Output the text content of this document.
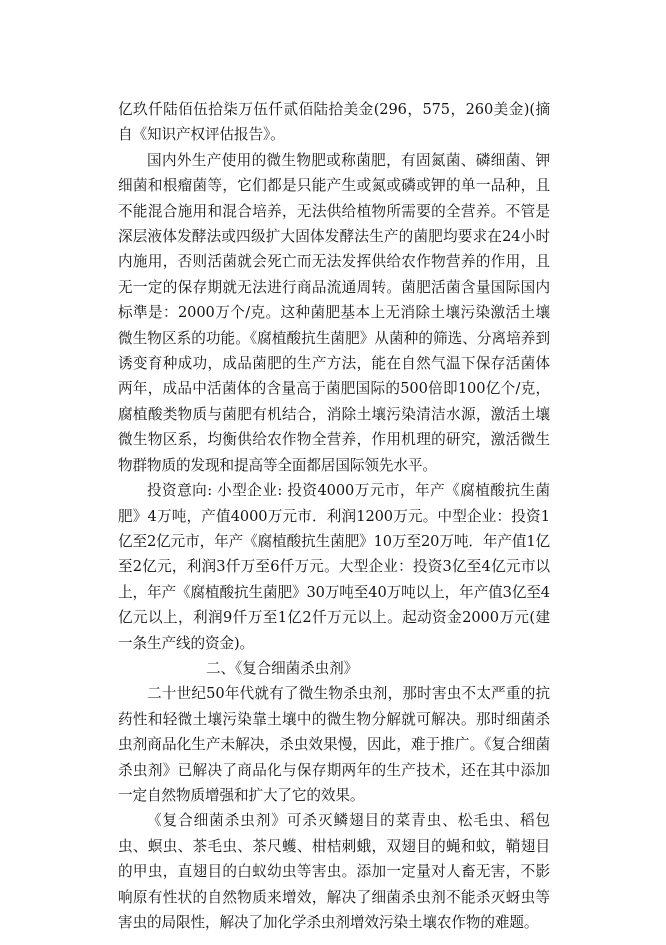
亿玖仟陆佰伍拾柒万伍仟贰佰陆拾美金(296，575，260美金)(摘自《知识产权评估报告》。

国内外生产使用的微生物肥或称菌肥，有固氮菌、磷细菌、钾细菌和根瘤菌等，它们都是只能产生或氮或磷或钾的单一品种，且不能混合施用和混合培养，无法供给植物所需要的全营养。不管是深层液体发酵法或四级扩大固体发酵法生产的菌肥均要求在24小时内施用，否则活菌就会死亡而无法发挥供给农作物营养的作用，且无一定的保存期就无法进行商品流通周转。菌肥活菌含量国际国内标準是：2000万个/克。这种菌肥基本上无消除土壤污染激活土壤微生物区系的功能。《腐植酸抗生菌肥》从菌种的筛选、分离培养到诱变育种成功，成品菌肥的生产方法，能在自然气温下保存活菌体两年，成品中活菌体的含量高于菌肥国际的500倍即100亿个/克，腐植酸类物质与菌肥有机结合，消除土壤污染清洁水源，激活土壤微生物区系，均衡供给农作物全营养，作用机理的研究，激活微生物群物质的发现和提高等全面都居国际领先水平。

投资意向: 小型企业: 投资4000万元市，年产《腐植酸抗生菌肥》4万吨，产值4000万元市．利润1200万元。中型企业：投资1亿至2亿元市，年产《腐植酸抗生菌肥》10万至20万吨．年产值1亿至2亿元，利润3仟万至6仟万元。大型企业：投资3亿至4亿元市以上，年产《腐植酸抗生菌肥》30万吨至40万吨以上，年产值3亿至4亿元以上，利润9仟万至1亿2仟万元以上。起动资金2000万元(建一条生产线的资金)。

二、《复合细菌杀虫剂》

二十世纪50年代就有了微生物杀虫剂，那时害虫不太严重的抗药性和轻微土壤污染靠土壤中的微生物分解就可解决。那时细菌杀虫剂商品化生产未解决，杀虫效果慢，因此，难于推广。《复合细菌杀虫剂》已解决了商品化与保存期两年的生产技术，还在其中添加一定自然物质增强和扩大了它的效果。

《复合细菌杀虫剂》可杀灭鳞翅目的菜青虫、松毛虫、稻包虫、螟虫、茶毛虫、茶尺蠖、柑桔刺蛾，双翅目的蝇和蚊，鞘翅目的甲虫，直翅目的白蚁幼虫等害虫。添加一定量对人畜无害，不影响原有性状的自然物质来增效，解决了细菌杀虫剂不能杀灭蚜虫等害虫的局限性，解决了加化学杀虫剂增效污染土壤农作物的难题。
